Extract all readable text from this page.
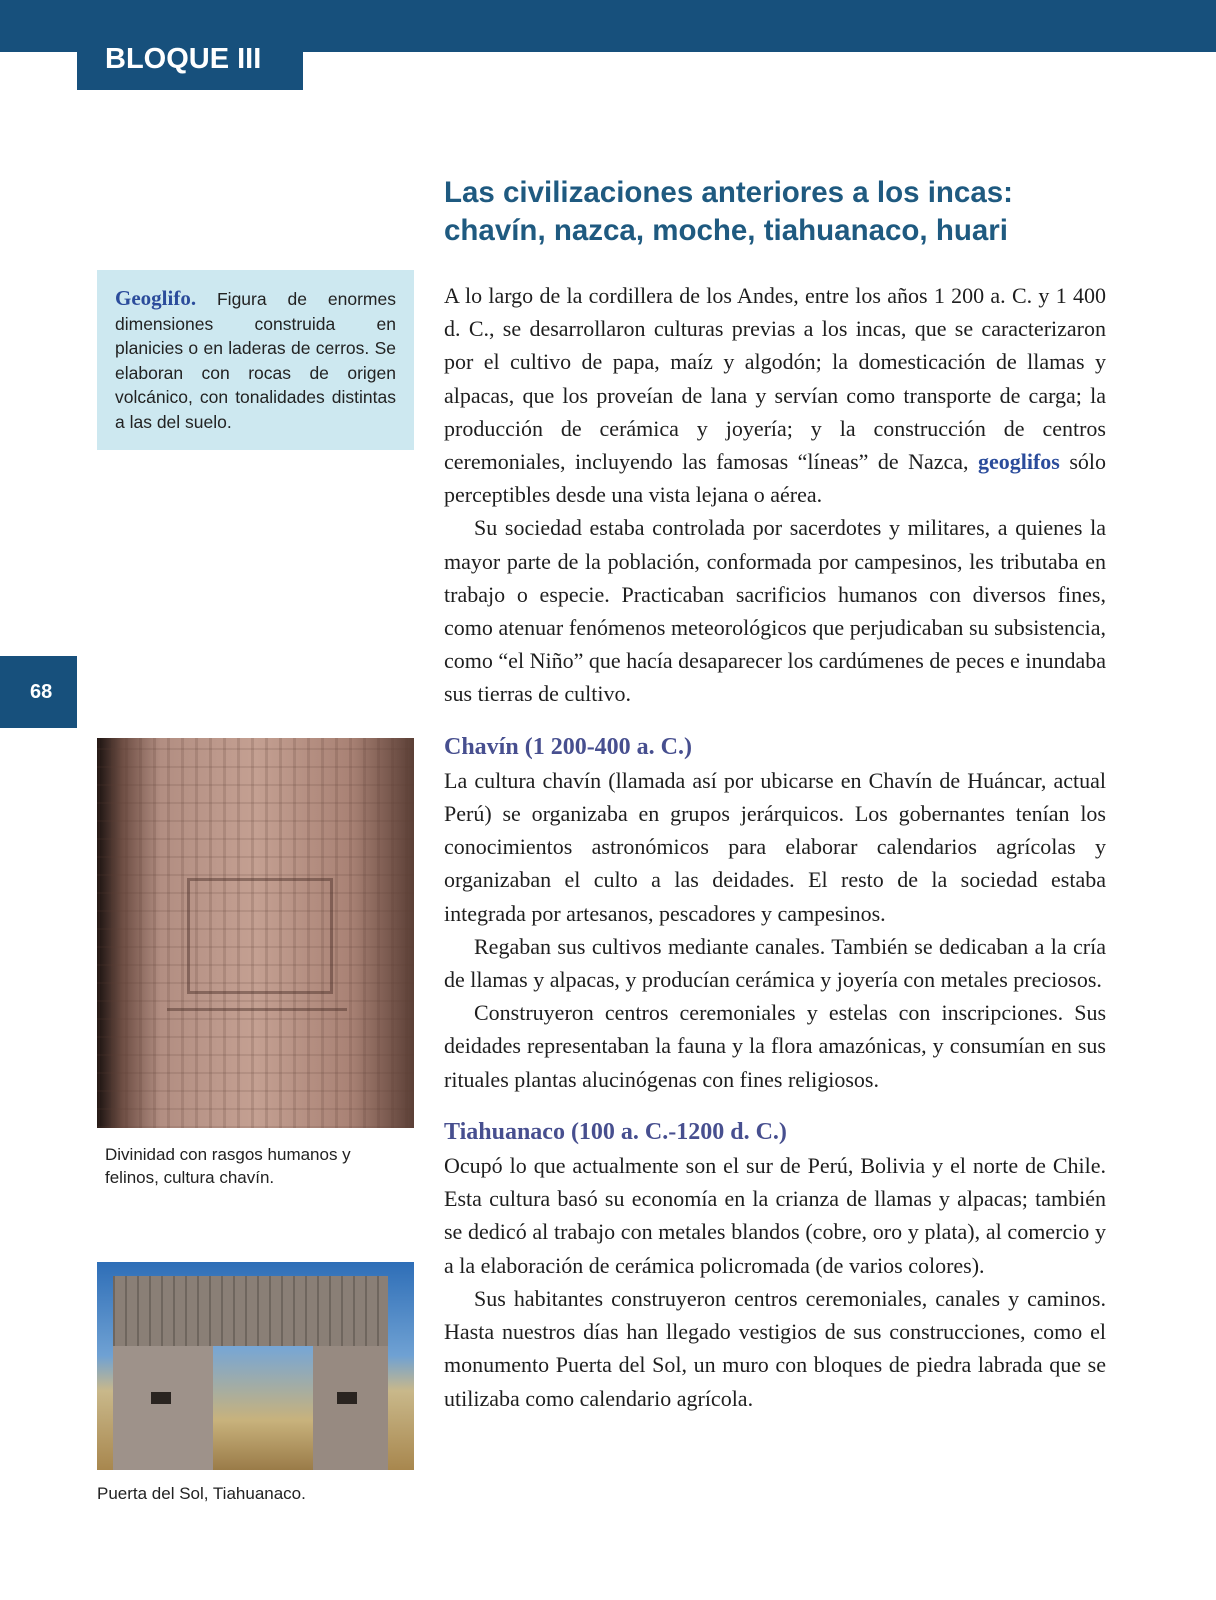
BLOQUE III
68
Las civilizaciones anteriores a los incas:
chavín, nazca, moche, tiahuanaco, huari
Geoglifo. Figura de enormes dimensiones construida en planicies o en laderas de cerros. Se elaboran con rocas de origen volcánico, con tonalidades distintas a las del suelo.

A lo largo de la cordillera de los Andes, entre los años 1 200 a. C. y 1 400 d. C., se desarrollaron culturas previas a los incas, que se caracterizaron por el cultivo de papa, maíz y algodón; la domesticación de llamas y alpacas, que los proveían de lana y servían como transporte de carga; la producción de cerámica y joyería; y la construcción de centros ceremoniales, incluyendo las famosas “líneas” de Nazca, geoglifos sólo perceptibles desde una vista lejana o aérea.

Su sociedad estaba controlada por sacerdotes y militares, a quienes la mayor parte de la población, conformada por campesinos, les tributaba en trabajo o especie. Practicaban sacrificios humanos con diversos fines, como atenuar fenómenos meteorológicos que perjudicaban su subsistencia, como “el Niño” que hacía desaparecer los cardúmenes de peces e inundaba sus tierras de cultivo.

Chavín (1 200-400 a. C.)

La cultura chavín (llamada así por ubicarse en Chavín de Huáncar, actual Perú) se organizaba en grupos jerárquicos. Los gobernantes tenían los conocimientos astronómicos para elaborar calendarios agrícolas y organizaban el culto a las deidades. El resto de la sociedad estaba integrada por artesanos, pescadores y campesinos.

Regaban sus cultivos mediante canales. También se dedicaban a la cría de llamas y alpacas, y producían cerámica y joyería con metales preciosos.

Construyeron centros ceremoniales y estelas con inscripciones. Sus deidades representaban la fauna y la flora amazónicas, y consumían en sus rituales plantas alucinógenas con fines religiosos.

Tiahuanaco (100 a. C.-1200 d. C.)

Ocupó lo que actualmente son el sur de Perú, Bolivia y el norte de Chile. Esta cultura basó su economía en la crianza de llamas y alpacas; también se dedicó al trabajo con metales blandos (cobre, oro y plata), al comercio y a la elaboración de cerámica policromada (de varios colores).

Sus habitantes construyeron centros ceremoniales, canales y caminos. Hasta nuestros días han llegado vestigios de sus construcciones, como el monumento Puerta del Sol, un muro con bloques de piedra labrada que se utilizaba como calendario agrícola.

Divinidad con rasgos humanos y felinos, cultura chavín.
Puerta del Sol, Tiahuanaco.
